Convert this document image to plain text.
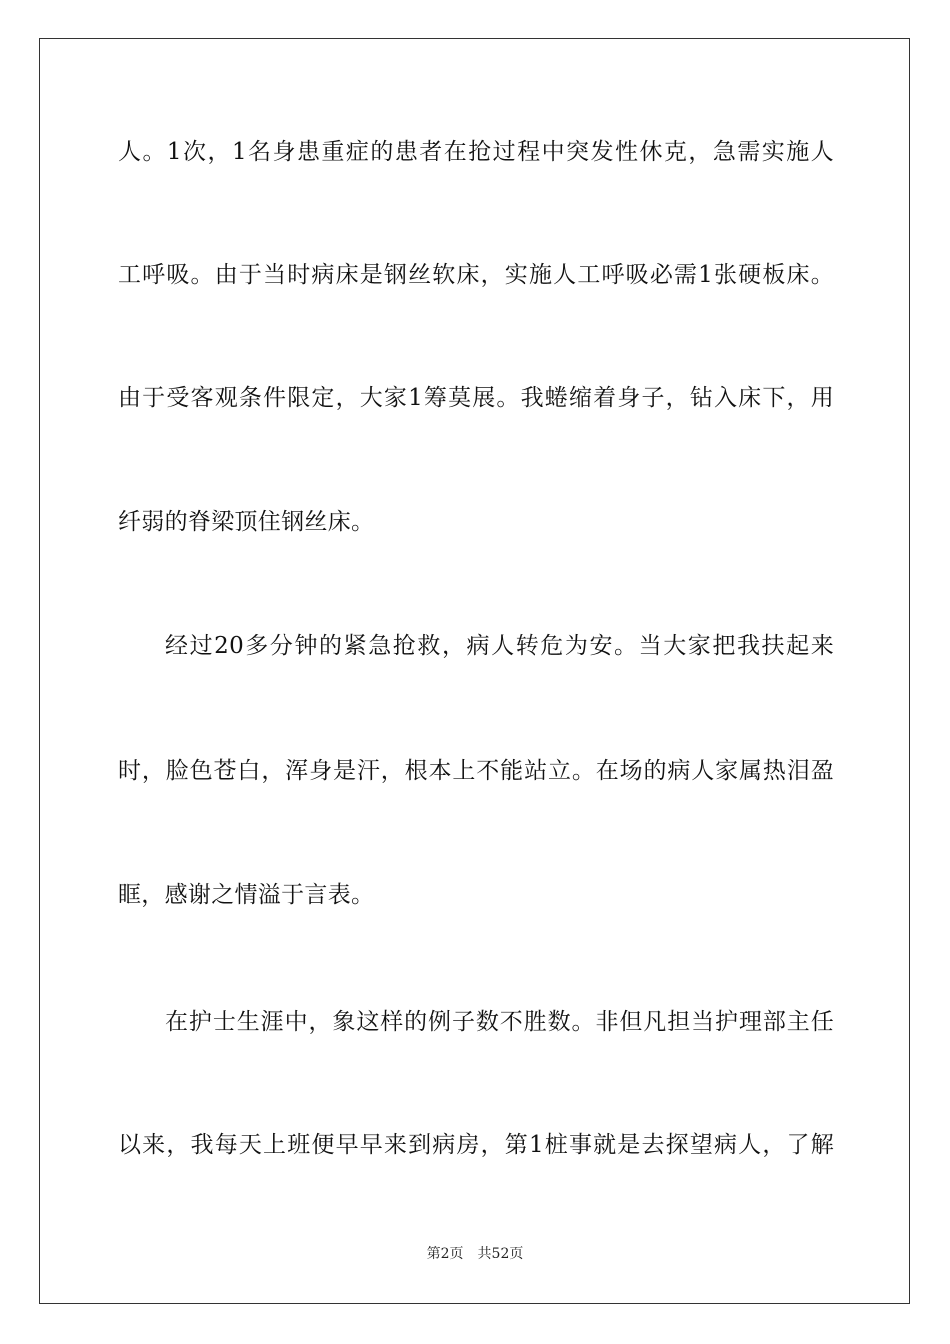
人。1次，1名身患重症的患者在抢过程中突发性休克，急需实施人
工呼吸。由于当时病床是钢丝软床，实施人工呼吸必需1张硬板床。
由于受客观条件限定，大家1筹莫展。我蜷缩着身子，钻入床下，用
纤弱的脊梁顶住钢丝床。
经过20多分钟的紧急抢救，病人转危为安。当大家把我扶起来
时，脸色苍白，浑身是汗，根本上不能站立。在场的病人家属热泪盈
眶，感谢之情溢于言表。
在护士生涯中，象这样的例子数不胜数。非但凡担当护理部主任
以来，我每天上班便早早来到病房，第1桩事就是去探望病人，了解
第2页 共52页
